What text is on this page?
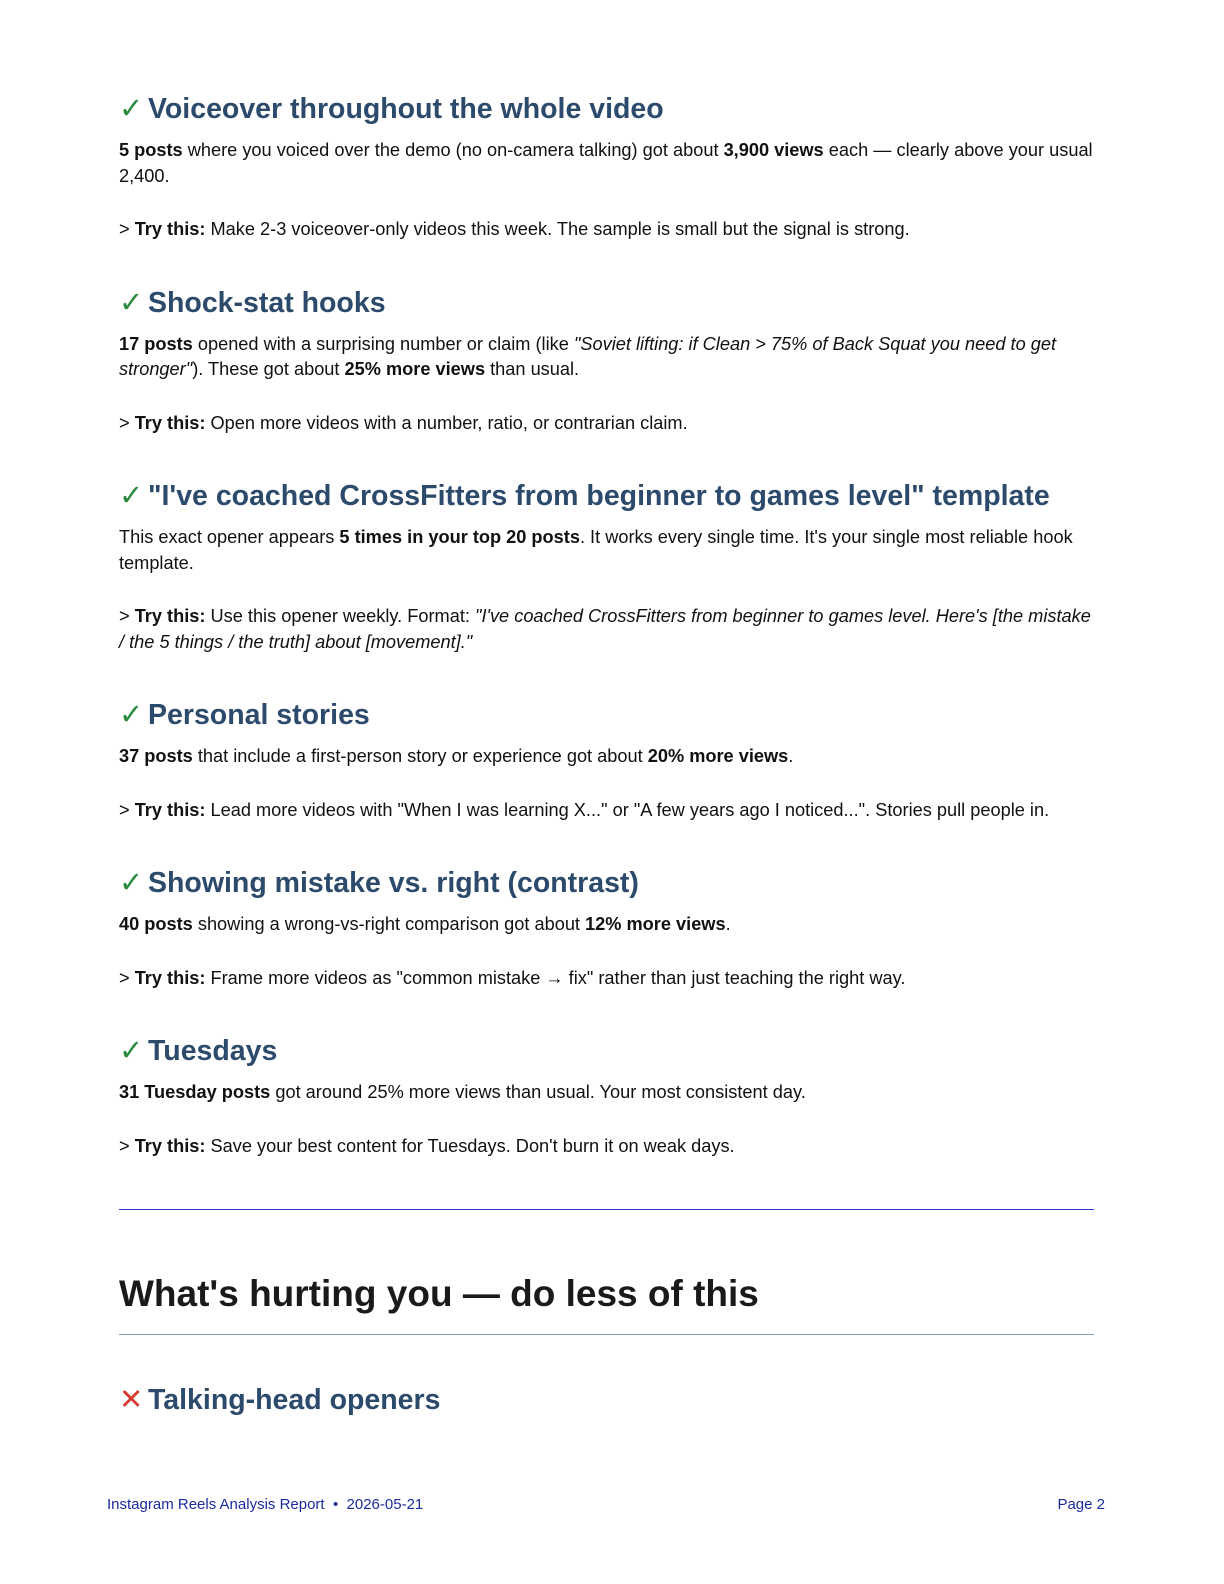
✓ Voiceover throughout the whole video

5 posts where you voiced over the demo (no on-camera talking) got about 3,900 views each — clearly above your usual 2,400.

> Try this: Make 2-3 voiceover-only videos this week. The sample is small but the signal is strong.

✓ Shock-stat hooks

17 posts opened with a surprising number or claim (like "Soviet lifting: if Clean > 75% of Back Squat you need to get stronger"). These got about 25% more views than usual.

> Try this: Open more videos with a number, ratio, or contrarian claim.

✓ "I've coached CrossFitters from beginner to games level" template

This exact opener appears 5 times in your top 20 posts. It works every single time. It's your single most reliable hook template.

> Try this: Use this opener weekly. Format: "I've coached CrossFitters from beginner to games level. Here's [the mistake / the 5 things / the truth] about [movement]."

✓ Personal stories

37 posts that include a first-person story or experience got about 20% more views.

> Try this: Lead more videos with "When I was learning X..." or "A few years ago I noticed...". Stories pull people in.

✓ Showing mistake vs. right (contrast)

40 posts showing a wrong-vs-right comparison got about 12% more views.

> Try this: Frame more videos as "common mistake → fix" rather than just teaching the right way.

✓ Tuesdays

31 Tuesday posts got around 25% more views than usual. Your most consistent day.

> Try this: Save your best content for Tuesdays. Don't burn it on weak days.

What's hurting you — do less of this
✕ Talking-head openers
Instagram Reels Analysis Report  •  2026-05-21	Page 2
